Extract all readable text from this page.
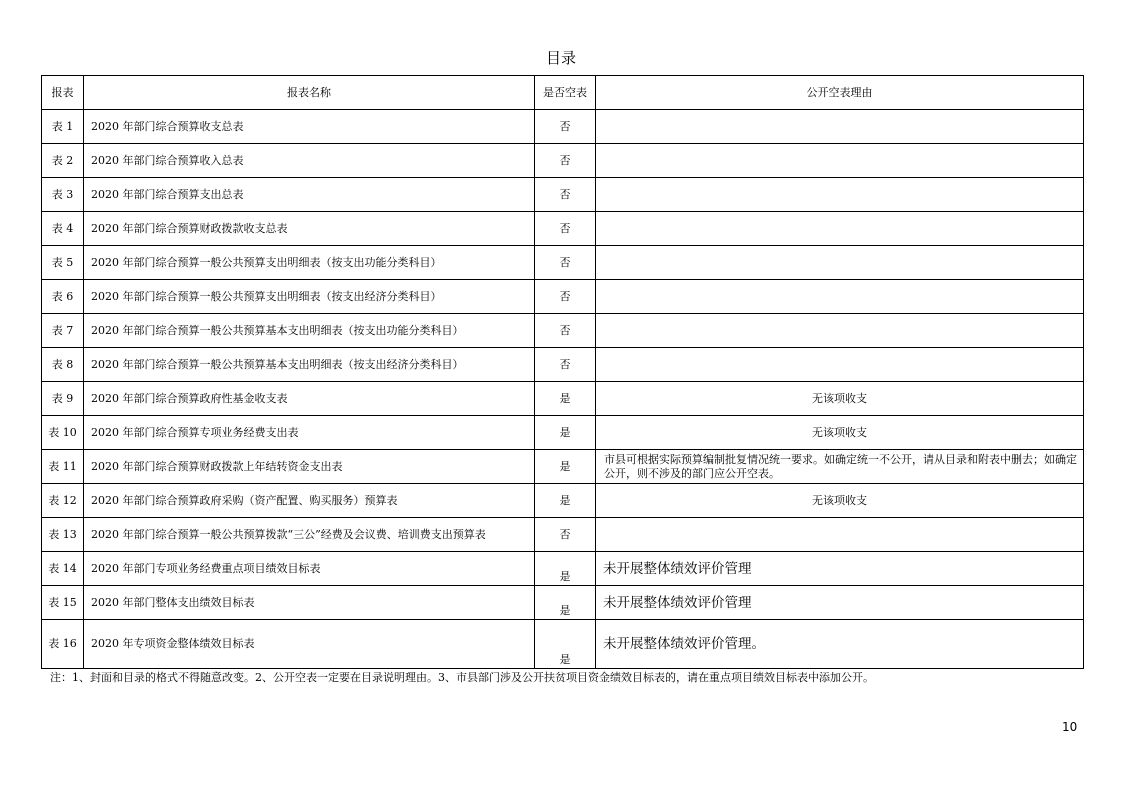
目录
报表	报表名称	是否空表	公开空表理由
表 1	2020 年部门综合预算收支总表	否	
表 2	2020 年部门综合预算收入总表	否	
表 3	2020 年部门综合预算支出总表	否	
表 4	2020 年部门综合预算财政拨款收支总表	否	
表 5	2020 年部门综合预算一般公共预算支出明细表（按支出功能分类科目）	否	
表 6	2020 年部门综合预算一般公共预算支出明细表（按支出经济分类科目）	否	
表 7	2020 年部门综合预算一般公共预算基本支出明细表（按支出功能分类科目）	否	
表 8	2020 年部门综合预算一般公共预算基本支出明细表（按支出经济分类科目）	否	
表 9	2020 年部门综合预算政府性基金收支表	是	无该项收支
表 10	2020 年部门综合预算专项业务经费支出表	是	无该项收支
表 11	2020 年部门综合预算财政拨款上年结转资金支出表	是	市县可根据实际预算编制批复情况统一要求。如确定统一不公开，请从目录和附表中删去；如确定公开，则不涉及的部门应公开空表。
表 12	2020 年部门综合预算政府采购（资产配置、购买服务）预算表	是	无该项收支
表 13	2020 年部门综合预算一般公共预算拨款“三公”经费及会议费、培训费支出预算表	否	
表 14	2020 年部门专项业务经费重点项目绩效目标表	是	未开展整体绩效评价管理
表 15	2020 年部门整体支出绩效目标表	是	未开展整体绩效评价管理
表 16	2020 年专项资金整体绩效目标表	是	未开展整体绩效评价管理。
注：1、封面和目录的格式不得随意改变。2、公开空表一定要在目录说明理由。3、市县部门涉及公开扶贫项目资金绩效目标表的，请在重点项目绩效目标表中添加公开。
10
